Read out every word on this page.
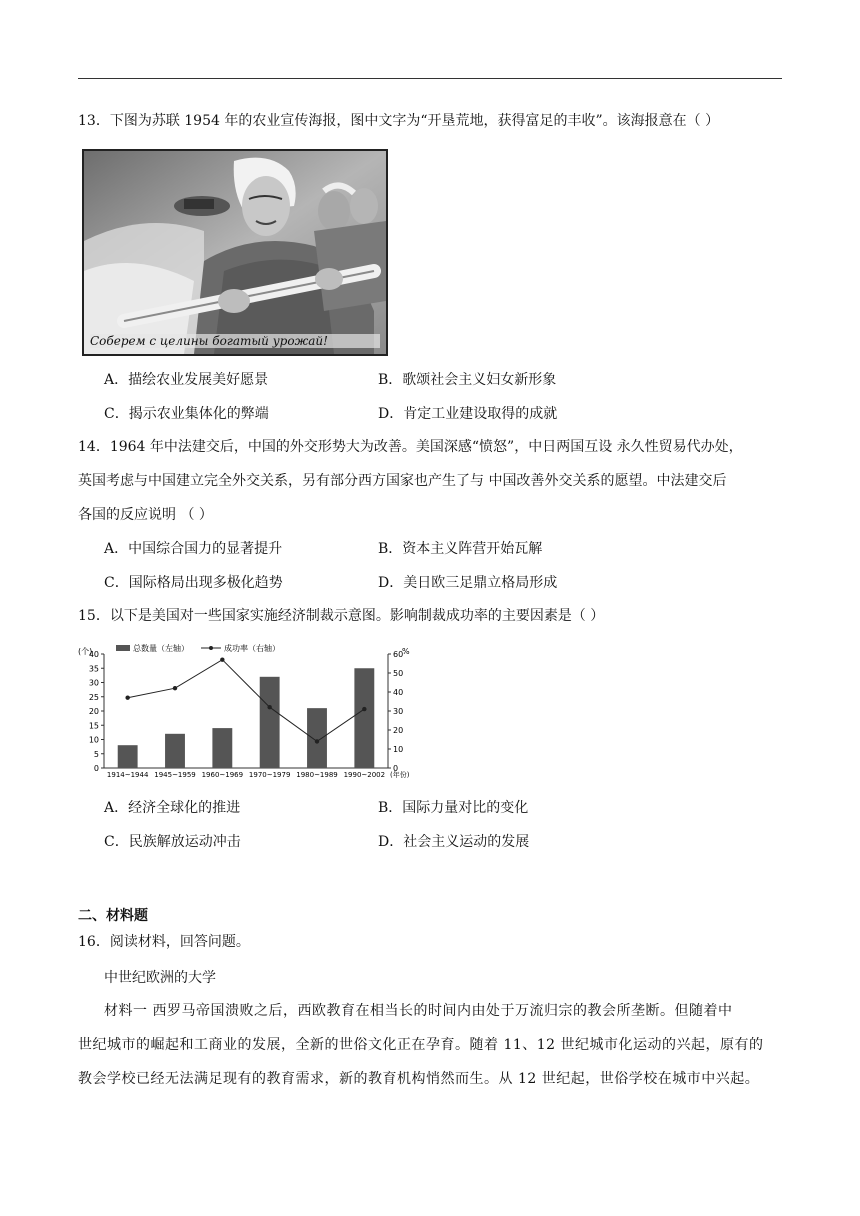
13．下图为苏联 1954 年的农业宣传海报，图中文字为“开垦荒地，获得富足的丰收”。该海报意在（ ）
Соберем с целины богатый урожай!
A．描绘农业发展美好愿景	B．歌颂社会主义妇女新形象
C．揭示农业集体化的弊端	D．肯定工业建设取得的成就
14．1964 年中法建交后，中国的外交形势大为改善。美国深感“愤怒”，中日两国互设 永久性贸易代办处，
英国考虑与中国建立完全外交关系，另有部分西方国家也产生了与 中国改善外交关系的愿望。中法建交后
各国的反应说明 （ ）
A．中国综合国力的显著提升	B．资本主义阵营开始瓦解
C．国际格局出现多极化趋势	D．美日欧三足鼎立格局形成
15．以下是美国对一些国家实施经济制裁示意图。影响制裁成功率的主要因素是（ ）
0
5
10
15
20
25
30
35
40
0
10
20
30
40
50
60
(个)	%
1914~1944 1945~1959 1960~1969 1970~1979 1980~1989 1990~2002 (年份)
总数量（左轴）	成功率（右轴）
A．经济全球化的推进	B．国际力量对比的变化
C．民族解放运动冲击	D．社会主义运动的发展
二、材料题
16．阅读材料，回答问题。
中世纪欧洲的大学
材料一 西罗马帝国溃败之后，西欧教育在相当长的时间内由处于万流归宗的教会所垄断。但随着中
世纪城市的崛起和工商业的发展，全新的世俗文化正在孕育。随着 11、12 世纪城市化运动的兴起，原有的
教会学校已经无法满足现有的教育需求，新的教育机构悄然而生。从 12 世纪起，世俗学校在城市中兴起。
